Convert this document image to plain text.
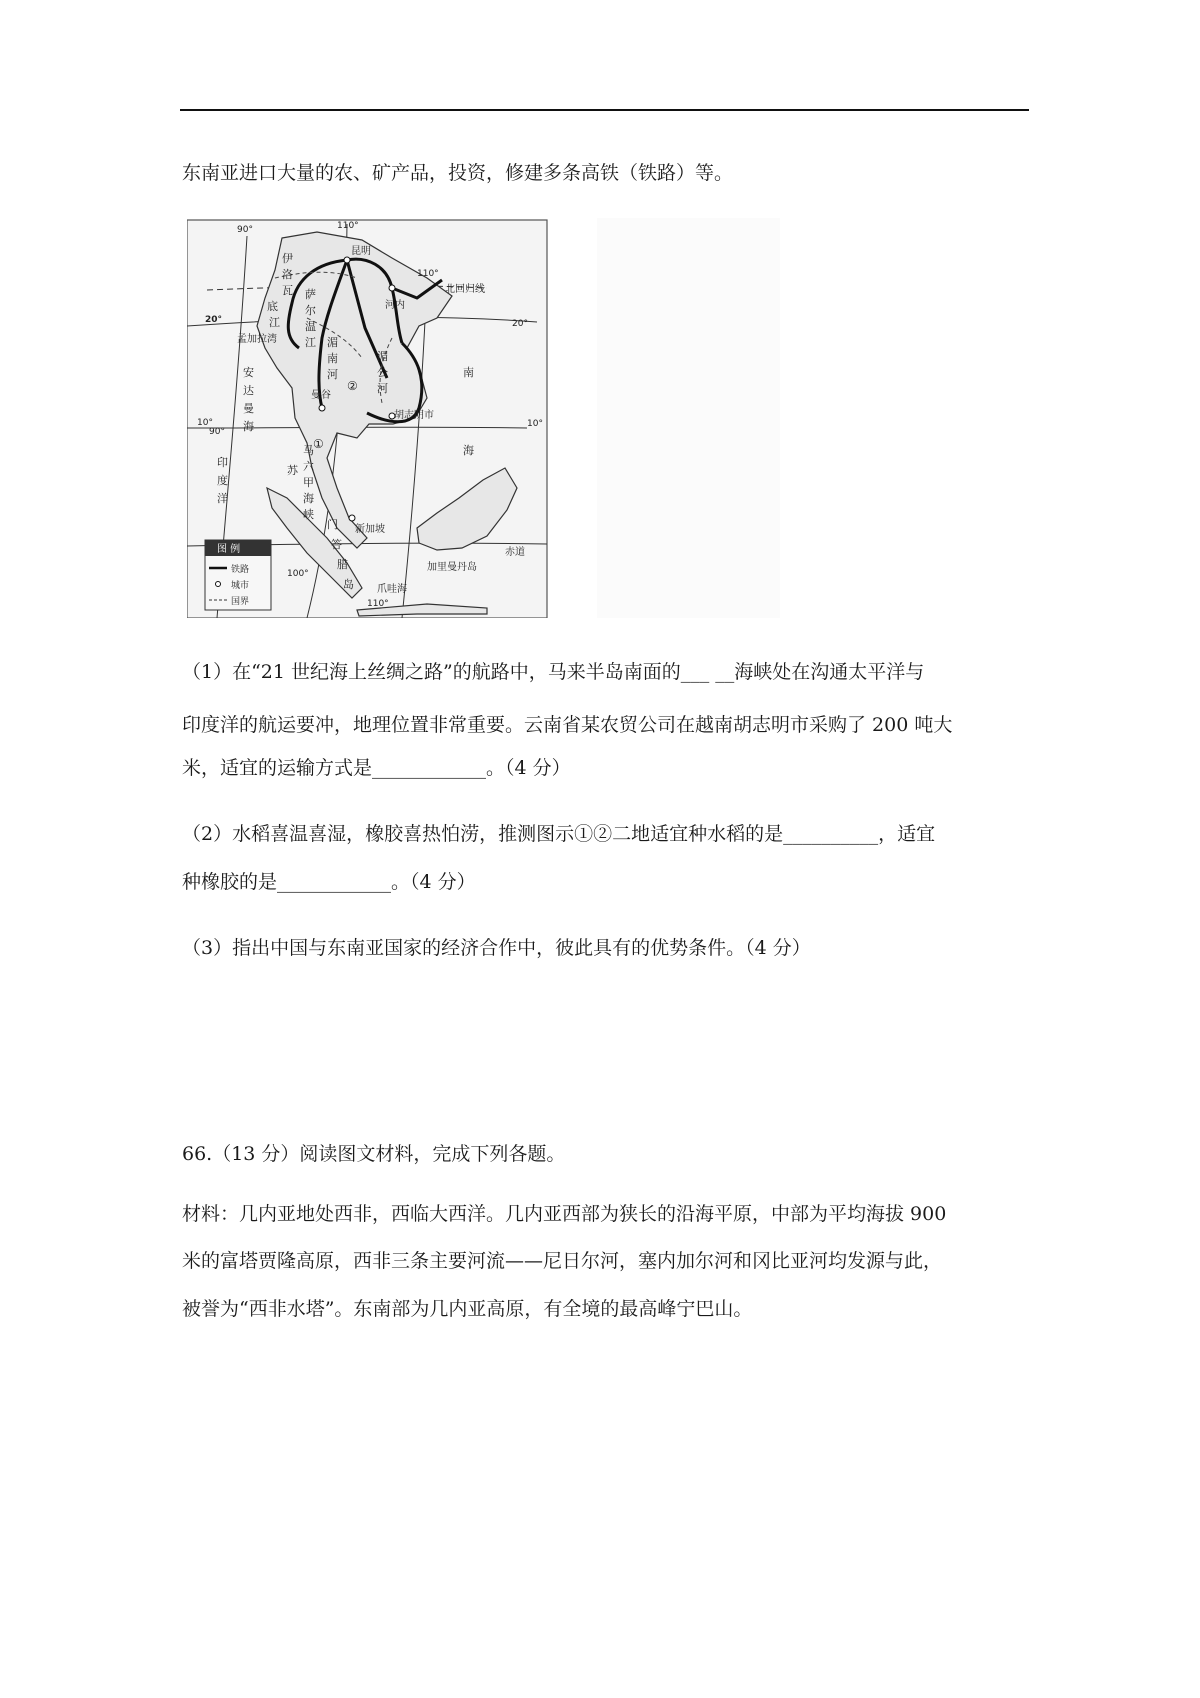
东南亚进口大量的农、矿产品，投资，修建多条高铁（铁路）等。

90°	110°
110°
90°
100°
110°
20°	20°
10°	10°
北回归线
赤道
昆明
河内
曼谷
胡志明市
新加坡
孟加拉湾
加里曼丹岛
爪哇海
伊
洛
瓦
底
江
萨
尔
温
江 湄
南
河
湄
公
河
安
达
曼
海
印
度
洋
马
六
甲
海
峡
苏
门
答
腊
岛
南
海
①
②
图 例
铁路
城市
国界

（1）在“21 世纪海上丝绸之路”的航路中，马来半岛南面的___ __海峡处在沟通太平洋与

印度洋的航运要冲，地理位置非常重要。云南省某农贸公司在越南胡志明市采购了 200 吨大

米，适宜的运输方式是____________。（4 分）

（2）水稻喜温喜湿，橡胶喜热怕涝，推测图示①②二地适宜种水稻的是__________，适宜

种橡胶的是____________。（4 分）

（3）指出中国与东南亚国家的经济合作中，彼此具有的优势条件。（4 分）

66.（13 分）阅读图文材料，完成下列各题。

材料：几内亚地处西非，西临大西洋。几内亚西部为狭长的沿海平原，中部为平均海拔 900

米的富塔贾隆高原，西非三条主要河流——尼日尔河，塞内加尔河和冈比亚河均发源与此，

被誉为“西非水塔”。东南部为几内亚高原，有全境的最高峰宁巴山。
